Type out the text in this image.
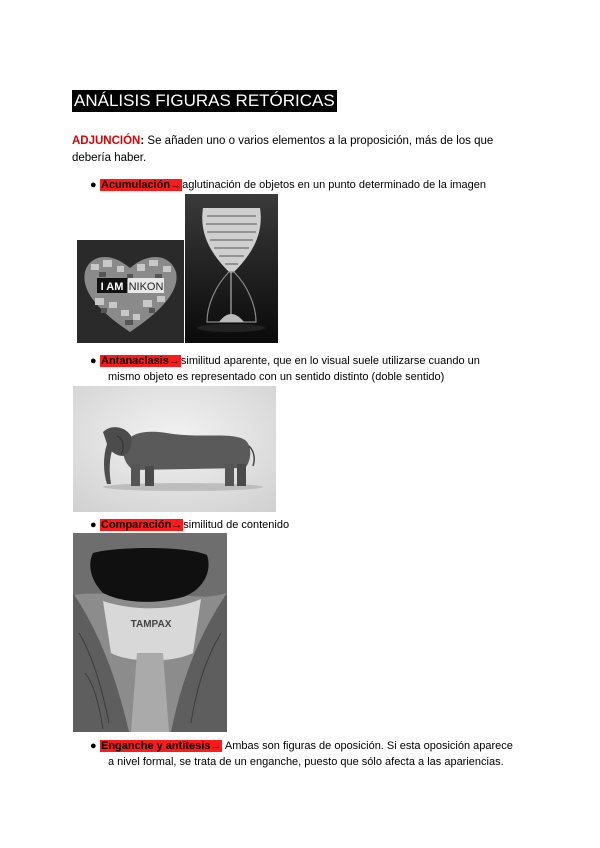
ANÁLISIS FIGURAS RETÓRICAS
ADJUNCIÓN: Se añaden uno o varios elementos a la proposición, más de los que debería haber.
● Acumulación→aglutinación de objetos en un punto determinado de la imagen
I AM NIKON
● Antanaclasis→similitud aparente, que en lo visual suele utilizarse cuando un
mismo objeto es representado con un sentido distinto (doble sentido)
● Comparación→similitud de contenido
TAMPAX
● Enganche y antítesis→ Ambas son figuras de oposición. Si esta oposición aparece
a nivel formal, se trata de un enganche, puesto que sólo afecta a las apariencias.
